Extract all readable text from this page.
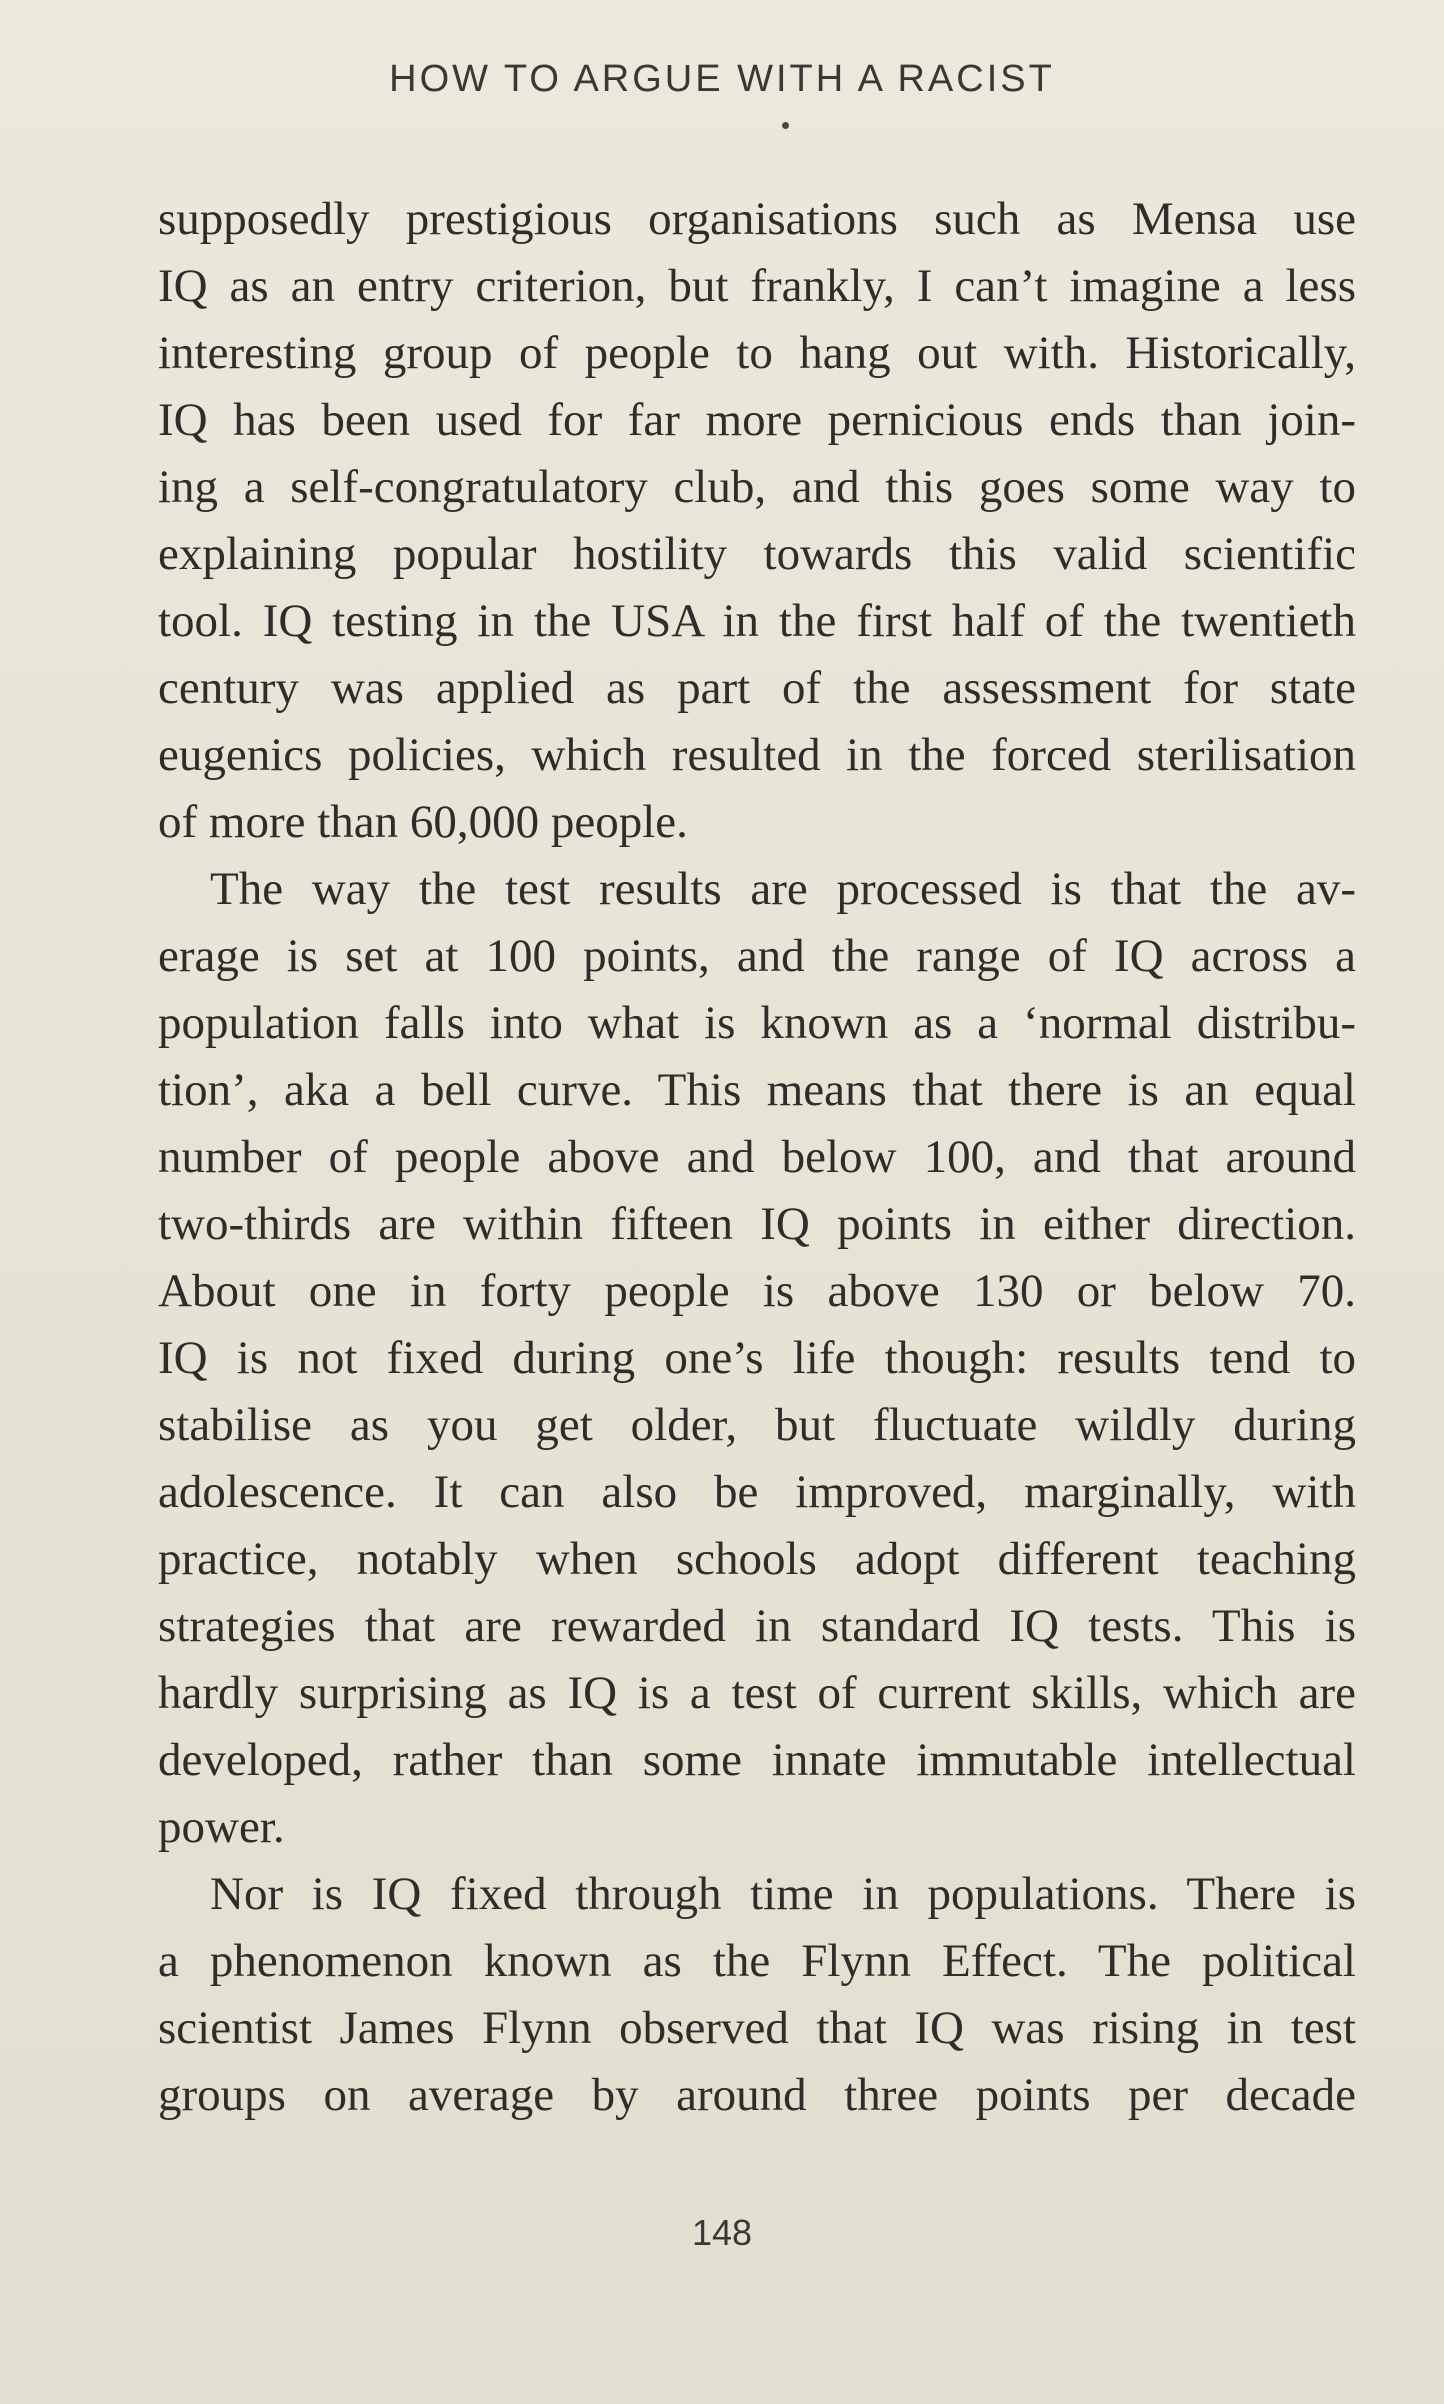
HOW TO ARGUE WITH A RACIST
supposedly prestigious organisations such as Mensa use
IQ as an entry criterion, but frankly, I can’t imagine a less
interesting group of people to hang out with. Historically,
IQ has been used for far more pernicious ends than join-
ing a self-congratulatory club, and this goes some way to
explaining popular hostility towards this valid scientific
tool. IQ testing in the USA in the first half of the twentieth
century was applied as part of the assessment for state
eugenics policies, which resulted in the forced sterilisation
of more than 60,000 people.
The way the test results are processed is that the av-
erage is set at 100 points, and the range of IQ across a
population falls into what is known as a ‘normal distribu-
tion’, aka a bell curve. This means that there is an equal
number of people above and below 100, and that around
two-thirds are within fifteen IQ points in either direction.
About one in forty people is above 130 or below 70.
IQ is not fixed during one’s life though: results tend to
stabilise as you get older, but fluctuate wildly during
adolescence. It can also be improved, marginally, with
practice, notably when schools adopt different teaching
strategies that are rewarded in standard IQ tests. This is
hardly surprising as IQ is a test of current skills, which are
developed, rather than some innate immutable intellectual
power.
Nor is IQ fixed through time in populations. There is
a phenomenon known as the Flynn Effect. The political
scientist James Flynn observed that IQ was rising in test
groups on average by around three points per decade
148
